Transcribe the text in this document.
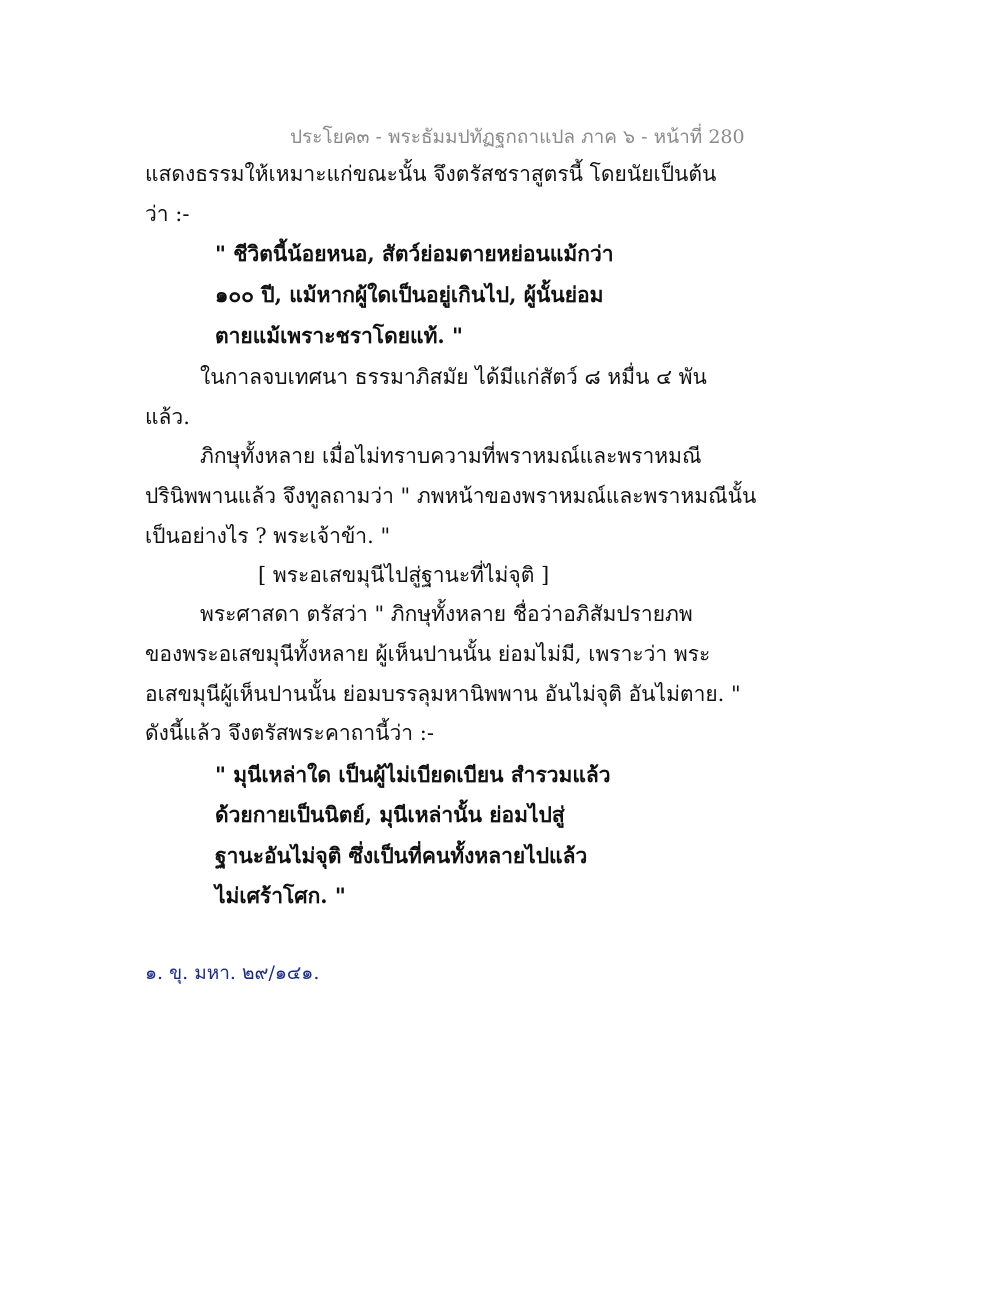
ประโยค๓ - พระธัมมปทัฏฐกถาแปล ภาค ๖ - หน้าที่ 280
แสดงธรรมให้เหมาะแก่ขณะนั้น จึงตรัสชราสูตรนี้ โดยนัยเป็นต้น
ว่า :-
" ชีวิตนี้น้อยหนอ, สัตว์ย่อมตายหย่อนแม้กว่า
๑๐๐ ปี, แม้หากผู้ใดเป็นอยู่เกินไป, ผู้นั้นย่อม
ตายแม้เพราะชราโดยแท้. "
ในกาลจบเทศนา ธรรมาภิสมัย ได้มีแก่สัตว์ ๘ หมื่น ๔ พัน
แล้ว.
ภิกษุทั้งหลาย เมื่อไม่ทราบความที่พราหมณ์และพราหมณี
ปรินิพพานแล้ว จึงทูลถามว่า " ภพหน้าของพราหมณ์และพราหมณีนั้น
เป็นอย่างไร ? พระเจ้าข้า. "
[ พระอเสขมุนีไปสู่ฐานะที่ไม่จุติ ]
พระศาสดา ตรัสว่า " ภิกษุทั้งหลาย ชื่อว่าอภิสัมปรายภพ
ของพระอเสขมุนีทั้งหลาย ผู้เห็นปานนั้น ย่อมไม่มี, เพราะว่า พระ
อเสขมุนีผู้เห็นปานนั้น ย่อมบรรลุมหานิพพาน อันไม่จุติ อันไม่ตาย. "
ดังนี้แล้ว จึงตรัสพระคาถานี้ว่า :-
" มุนีเหล่าใด เป็นผู้ไม่เบียดเบียน สำรวมแล้ว
ด้วยกายเป็นนิตย์, มุนีเหล่านั้น ย่อมไปสู่
ฐานะอันไม่จุติ ซึ่งเป็นที่คนทั้งหลายไปแล้ว
ไม่เศร้าโศก. "
๑. ขุ. มหา. ๒๙/๑๔๑.
